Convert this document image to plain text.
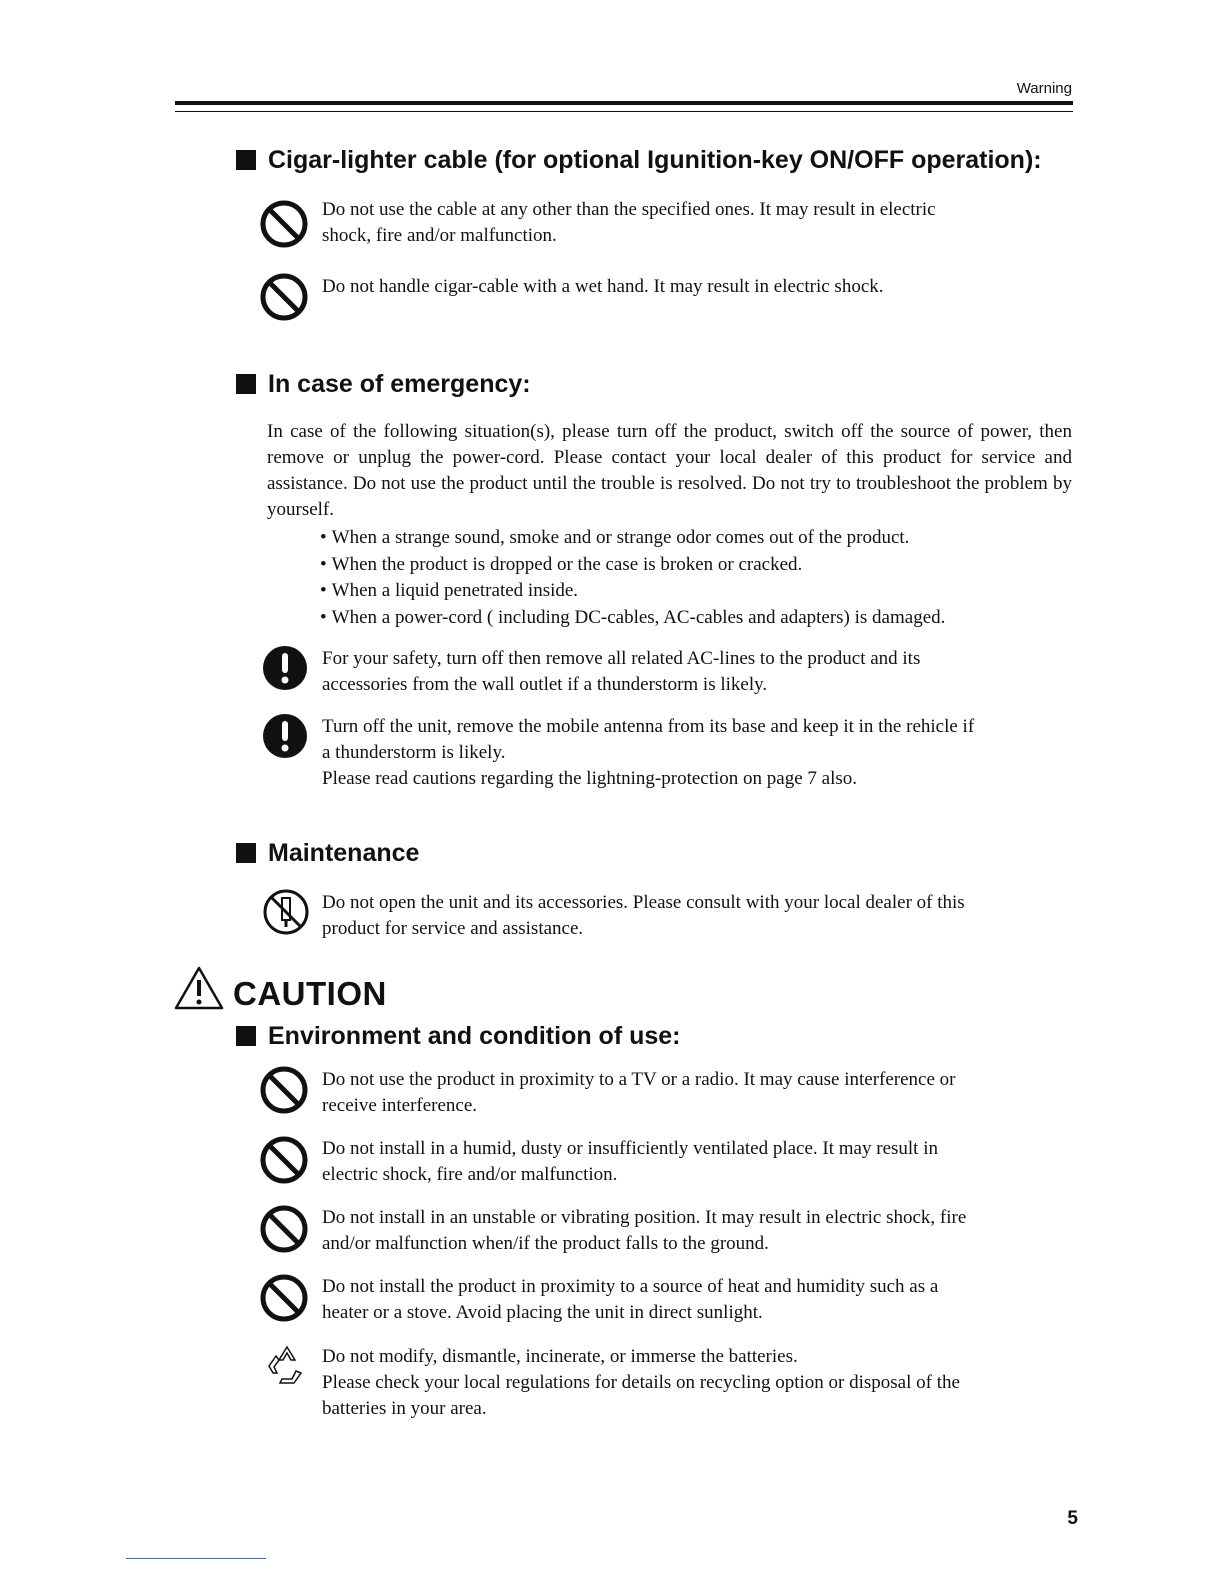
Warning
Cigar-lighter cable (for optional Igunition-key ON/OFF operation):
Do not use the cable at any other than the specified ones. It may result in electric
shock, fire and/or malfunction.
Do not handle cigar-cable with a wet hand. It may result in electric shock.
In case of emergency:
In case of the following situation(s), please turn off the product, switch off the source of power, then remove or unplug the power-cord. Please contact your local dealer of this product for service and assistance. Do not use the product until the trouble is resolved. Do not try to troubleshoot the problem by yourself.
• When a strange sound, smoke and or strange odor comes out of the product.
• When the product is dropped or the case is broken or cracked.
• When a liquid penetrated inside.
• When a power-cord ( including DC-cables, AC-cables and adapters) is damaged.
For your safety, turn off then remove all related AC-lines to the product and its
accessories from the wall outlet if a thunderstorm is likely.
Turn off the unit, remove the mobile antenna from its base and keep it in the rehicle if
a thunderstorm is likely.
Please read cautions regarding the lightning-protection on page 7 also.
Maintenance
Do not open the unit and its accessories. Please consult with your local dealer of this
product for service and assistance.
CAUTION
Environment and condition of use:
Do not use the product in proximity to a TV or a radio. It may cause interference or
receive interference.
Do not install in a humid, dusty or insufficiently ventilated place. It may result in
electric shock, fire and/or malfunction.
Do not install in an unstable or vibrating position. It may result in electric shock, fire
and/or malfunction when/if the product falls to the ground.
Do not install the product in proximity to a source of heat and humidity such as a
heater or a stove. Avoid placing the unit in direct sunlight.
Do not modify, dismantle, incinerate, or immerse the batteries.
Please check your local regulations for details on recycling option or disposal of the
batteries in your area.
5
